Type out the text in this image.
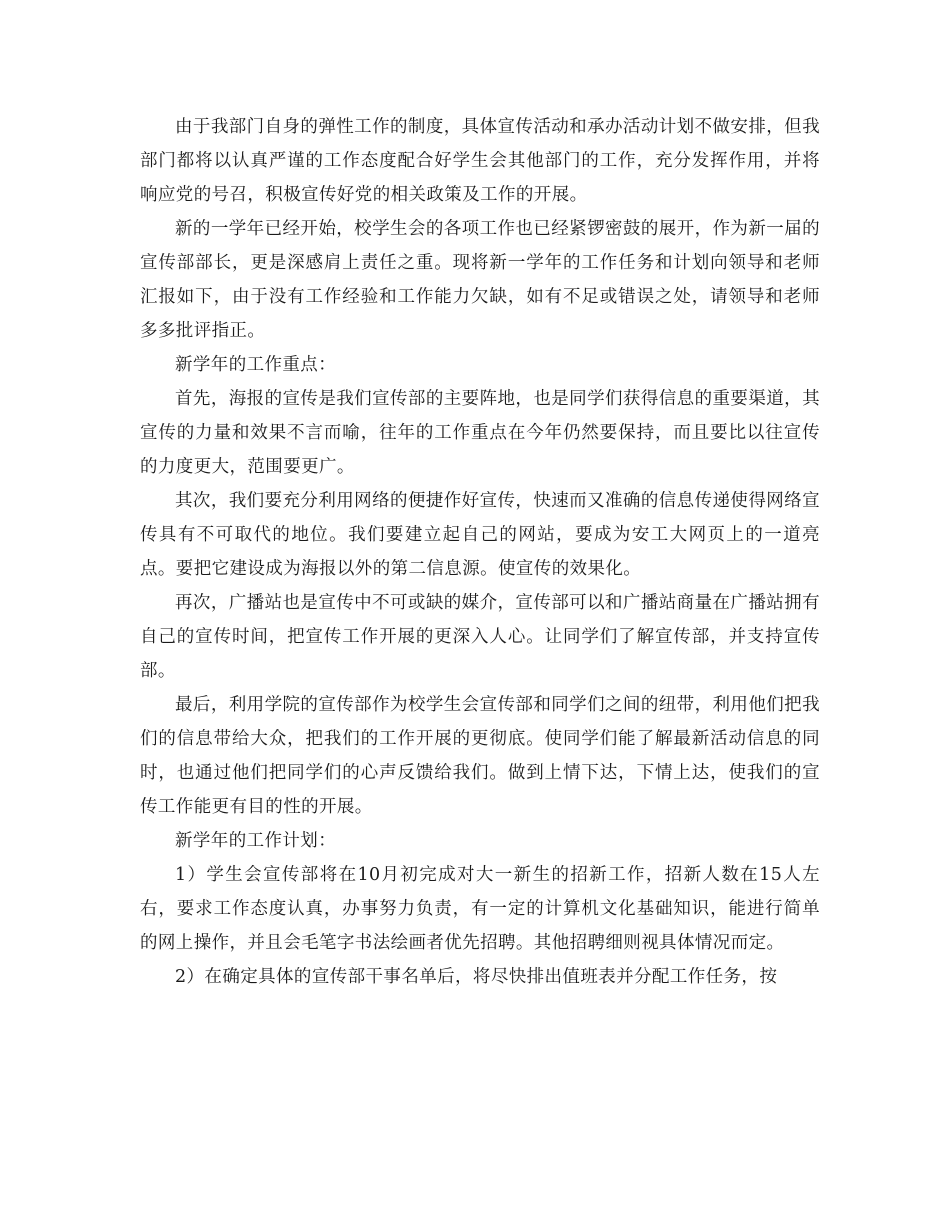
由于我部门自身的弹性工作的制度，具体宣传活动和承办活动计划不做安排，但我部门都将以认真严谨的工作态度配合好学生会其他部门的工作，充分发挥作用，并将响应党的号召，积极宣传好党的相关政策及工作的开展。

新的一学年已经开始，校学生会的各项工作也已经紧锣密鼓的展开，作为新一届的宣传部部长，更是深感肩上责任之重。现将新一学年的工作任务和计划向领导和老师汇报如下，由于没有工作经验和工作能力欠缺，如有不足或错误之处，请领导和老师多多批评指正。

新学年的工作重点：

首先，海报的宣传是我们宣传部的主要阵地，也是同学们获得信息的重要渠道，其宣传的力量和效果不言而喻，往年的工作重点在今年仍然要保持，而且要比以往宣传的力度更大，范围要更广。

其次，我们要充分利用网络的便捷作好宣传，快速而又准确的信息传递使得网络宣传具有不可取代的地位。我们要建立起自己的网站，要成为安工大网页上的一道亮点。要把它建设成为海报以外的第二信息源。使宣传的效果化。

再次，广播站也是宣传中不可或缺的媒介，宣传部可以和广播站商量在广播站拥有自己的宣传时间，把宣传工作开展的更深入人心。让同学们了解宣传部，并支持宣传部。

最后，利用学院的宣传部作为校学生会宣传部和同学们之间的纽带，利用他们把我们的信息带给大众，把我们的工作开展的更彻底。使同学们能了解最新活动信息的同时，也通过他们把同学们的心声反馈给我们。做到上情下达，下情上达，使我们的宣传工作能更有目的性的开展。

新学年的工作计划：

1）学生会宣传部将在10月初完成对大一新生的招新工作，招新人数在15人左右，要求工作态度认真，办事努力负责，有一定的计算机文化基础知识，能进行简单的网上操作，并且会毛笔字书法绘画者优先招聘。其他招聘细则视具体情况而定。

2）在确定具体的宣传部干事名单后，将尽快排出值班表并分配工作任务，按
